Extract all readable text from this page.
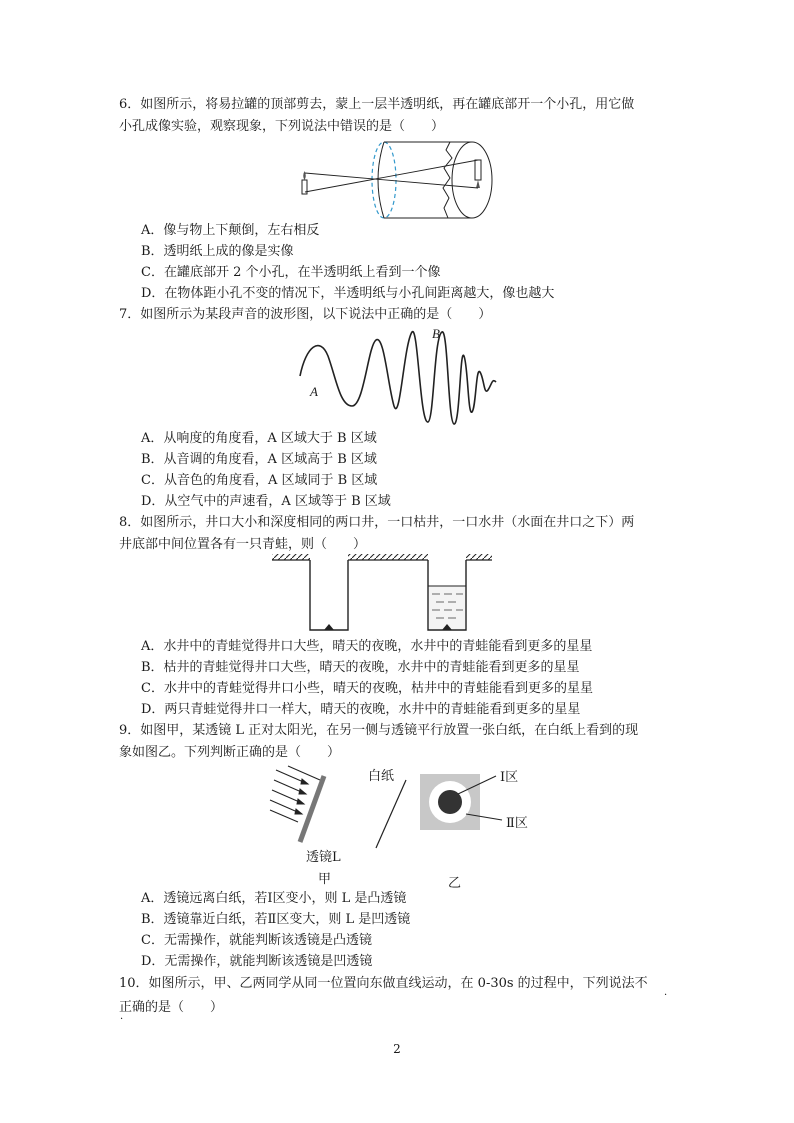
6．如图所示，将易拉罐的顶部剪去，蒙上一层半透明纸，再在罐底部开一个小孔，用它做
小孔成像实验，观察现象，下列说法中错误的是（　　）
A．像与物上下颠倒，左右相反
B．透明纸上成的像是实像
C．在罐底部开 2 个小孔，在半透明纸上看到一个像
D．在物体距小孔不变的情况下，半透明纸与小孔间距离越大，像也越大
7．如图所示为某段声音的波形图，以下说法中正确的是（　　）
A
B
A．从响度的角度看，A 区域大于 B 区域
B．从音调的角度看，A 区域高于 B 区域
C．从音色的角度看，A 区域同于 B 区域
D．从空气中的声速看，A 区域等于 B 区域
8．如图所示，井口大小和深度相同的两口井，一口枯井，一口水井（水面在井口之下）两
井底部中间位置各有一只青蛙，则（　　）
A．水井中的青蛙觉得井口大些，晴天的夜晚，水井中的青蛙能看到更多的星星
B．枯井的青蛙觉得井口大些，晴天的夜晚，水井中的青蛙能看到更多的星星
C．水井中的青蛙觉得井口小些，晴天的夜晚，枯井中的青蛙能看到更多的星星
D．两只青蛙觉得井口一样大，晴天的夜晚，水井中的青蛙能看到更多的星星
9．如图甲，某透镜 L 正对太阳光，在另一侧与透镜平行放置一张白纸，在白纸上看到的现
象如图乙。下列判断正确的是（　　）
白纸	Ⅰ区
Ⅱ区
透镜L
甲	乙
A．透镜远离白纸，若Ⅰ区变小，则 L 是凸透镜
B．透镜靠近白纸，若Ⅱ区变大，则 L 是凹透镜
C．无需操作，就能判断该透镜是凸透镜
D．无需操作，就能判断该透镜是凹透镜
10．如图所示，甲、乙两同学从同一位置向东做直线运动，在 0-30s 的过程中，下列说法不
·
正确的是（　　）
·
2
